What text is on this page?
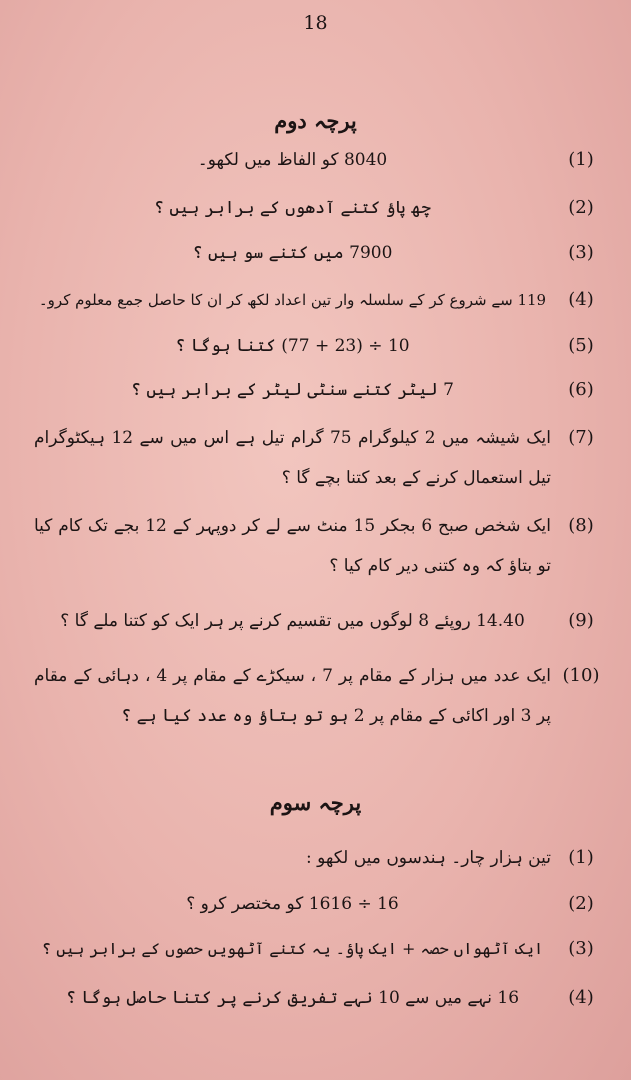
18
پرچہ دوم
(1)
8040 کو الفاظ میں لکھو۔
(2)
چھ پاؤ کتنے آدھوں کے برابر ہیں ؟
(3)
7900 میں کتنے سو ہیں ؟
(4)
119 سے شروع کر کے سلسلہ وار تین اعداد لکھ کر ان کا حاصل جمع معلوم کرو۔
(5)
10 ÷ (23 + 77) کتنا ہوگا ؟
(6)
7 لیٹر کتنے سنٹی لیٹر کے برابر ہیں ؟
(7)
ایک شیشہ میں 2 کیلوگرام 75 گرام تیل ہے اس میں سے 12 ہیکٹوگرام تیل استعمال کرنے کے بعد کتنا بچے گا ؟
(8)
ایک شخص صبح 6 بجکر 15 منٹ سے لے کر دوپہر کے 12 بجے تک کام کیا تو بتاؤ کہ وہ کتنی دیر کام کیا ؟
(9)
14.40 روپئے 8 لوگوں میں تقسیم کرنے پر ہر ایک کو کتنا ملے گا ؟
(10)
ایک عدد میں ہزار کے مقام پر 7 ، سیکڑے کے مقام پر 4 ، دہائی کے مقام پر 3 اور اکائی کے مقام پر 2 ہو تو بتاؤ وہ عدد کیا ہے ؟
پرچہ سوم
(1)
تین ہزار چار۔ ہندسوں میں لکھو :
(2)
16 ÷ 1616 کو مختصر کرو ؟
(3)
ایک آٹھواں حصہ + ایک پاؤ۔ یہ کتنے آٹھویں حصوں کے برابر ہیں ؟
(4)
16 نہے میں سے 10 نہے تفریق کرنے پر کتنا حاصل ہوگا ؟
